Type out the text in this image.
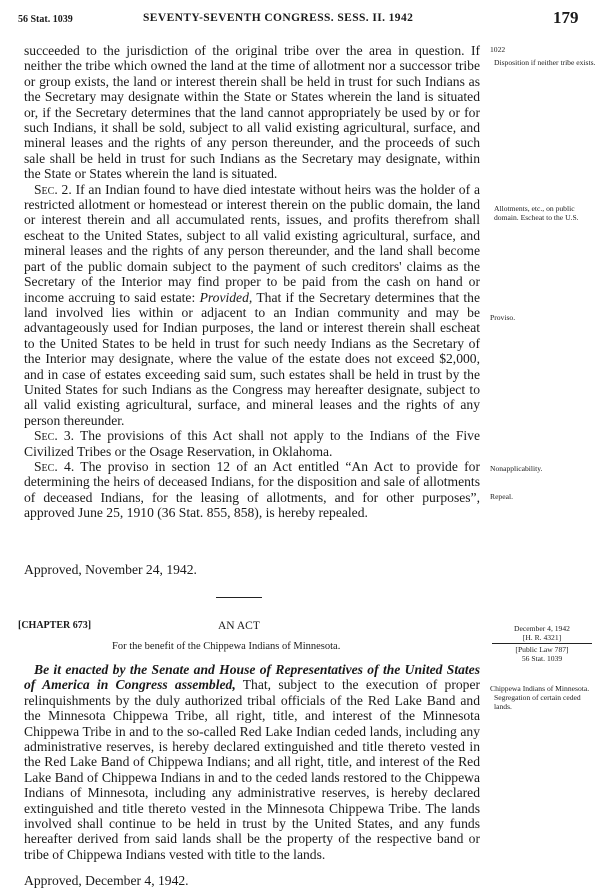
56 Stat. 1039	SEVENTY-SEVENTH CONGRESS. SESS. II. 1942	179

succeeded to the jurisdiction of the original tribe over the area in question. If neither the tribe which owned the land at the time of allotment nor a successor tribe or group exists, the land or interest therein shall be held in trust for such Indians as the Secretary may designate within the State or States wherein the land is situated or, if the Secretary determines that the land cannot appropriately be used by or for such Indians, it shall be sold, subject to all valid existing agricultural, surface, and mineral leases and the rights of any person thereunder, and the proceeds of such sale shall be held in trust for such Indians as the Secretary may designate, within the State or States wherein the land is situated.

Sec. 2. If an Indian found to have died intestate without heirs was the holder of a restricted allotment or homestead or interest therein on the public domain, the land or interest therein and all accumulated rents, issues, and profits therefrom shall escheat to the United States, subject to all valid existing agricultural, surface, and mineral leases and the rights of any person thereunder, and the land shall become part of the public domain subject to the payment of such creditors' claims as the Secretary of the Interior may find proper to be paid from the cash on hand or income accruing to said estate: Provided, That if the Secretary determines that the land involved lies within or adjacent to an Indian community and may be advantageously used for Indian purposes, the land or interest therein shall escheat to the United States to be held in trust for such needy Indians as the Secretary of the Interior may designate, where the value of the estate does not exceed $2,000, and in case of estates exceeding said sum, such estates shall be held in trust by the United States for such Indians as the Congress may hereafter designate, subject to all valid existing agricultural, surface, and mineral leases and the rights of any person thereunder.

Sec. 3. The provisions of this Act shall not apply to the Indians of the Five Civilized Tribes or the Osage Reservation, in Oklahoma.

Sec. 4. The proviso in section 12 of an Act entitled “An Act to provide for determining the heirs of deceased Indians, for the disposition and sale of allotments of deceased Indians, for the leasing of allotments, and for other purposes”, approved June 25, 1910 (36 Stat. 855, 858), is hereby repealed.

Approved, November 24, 1942.
[CHAPTER 673]	AN ACT
For the benefit of the Chippewa Indians of Minnesota.
December 4, 1942
[H. R. 4321]
[Public Law 787]
56 Stat. 1039

Be it enacted by the Senate and House of Representatives of the United States of America in Congress assembled, That, subject to the execution of proper relinquishments by the duly authorized tribal officials of the Red Lake Band and the Minnesota Chippewa Tribe, all right, title, and interest of the Minnesota Chippewa Tribe in and to the so-called Red Lake Indian ceded lands, including any administrative reserves, is hereby declared extinguished and title thereto vested in the Red Lake Band of Chippewa Indians; and all right, title, and interest of the Red Lake Band of Chippewa Indians in and to the ceded lands restored to the Chippewa Indians of Minnesota, including any administrative reserves, is hereby declared extinguished and title thereto vested in the Minnesota Chippewa Tribe. The lands involved shall continue to be held in trust by the United States, and any funds hereafter derived from said lands shall be the property of the respective band or tribe of Chippewa Indians vested with title to the lands.

Approved, December 4, 1942.
1022
Disposition if neither tribe exists.
Allotments, etc., on public domain. Escheat to the U.S.
Proviso.
Nonapplicability.
Repeal.
Chippewa Indians of Minnesota.
Segregation of certain ceded lands.
